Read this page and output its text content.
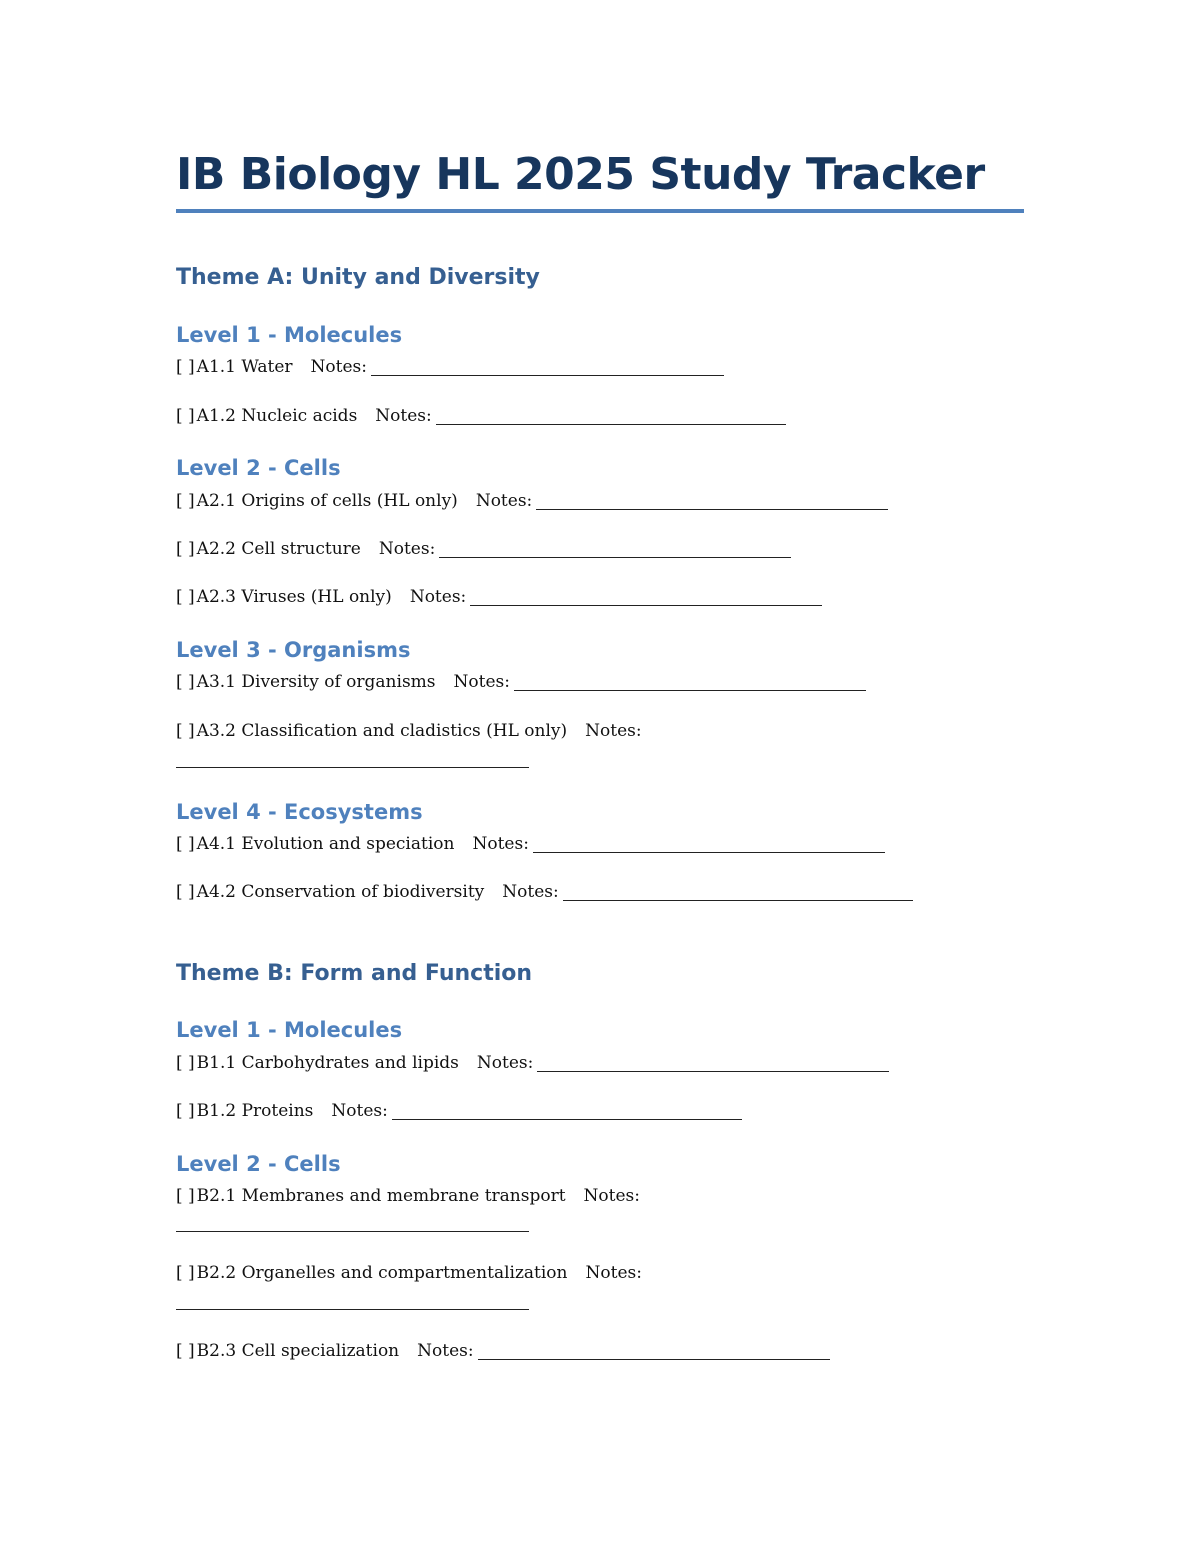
IB Biology HL 2025 Study Tracker
Theme A: Unity and Diversity
Level 1 - Molecules
[ ] A1.1 Water Notes:
[ ] A1.2 Nucleic acids Notes:
Level 2 - Cells
[ ] A2.1 Origins of cells (HL only) Notes:
[ ] A2.2 Cell structure Notes:
[ ] A2.3 Viruses (HL only) Notes:
Level 3 - Organisms
[ ] A3.1 Diversity of organisms Notes:
[ ] A3.2 Classification and cladistics (HL only) Notes:
Level 4 - Ecosystems
[ ] A4.1 Evolution and speciation Notes:
[ ] A4.2 Conservation of biodiversity Notes:
Theme B: Form and Function
Level 1 - Molecules
[ ] B1.1 Carbohydrates and lipids Notes:
[ ] B1.2 Proteins Notes:
Level 2 - Cells
[ ] B2.1 Membranes and membrane transport Notes:
[ ] B2.2 Organelles and compartmentalization Notes:
[ ] B2.3 Cell specialization Notes:
